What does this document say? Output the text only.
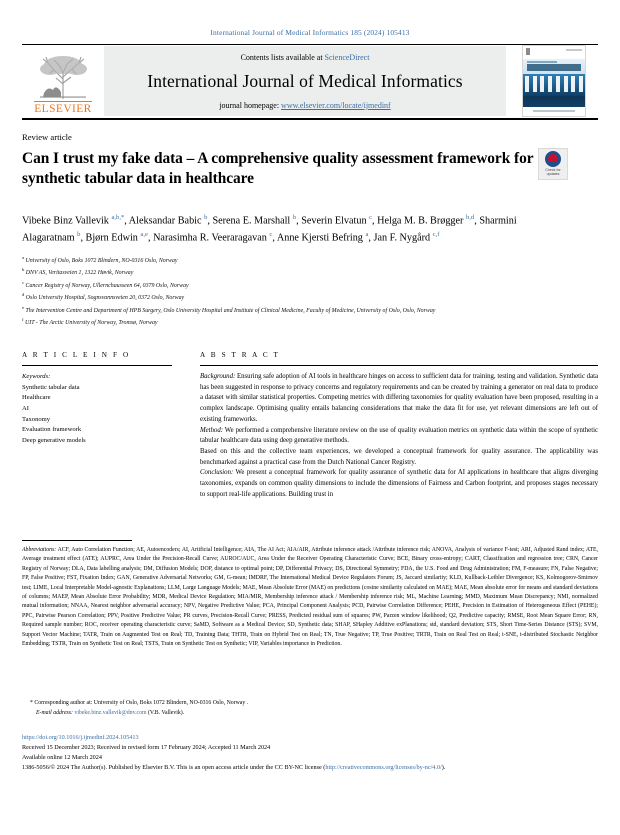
International Journal of Medical Informatics 185 (2024) 105413
ELSEVIER
Contents lists available at ScienceDirect
International Journal of Medical Informatics
journal homepage: www.elsevier.com/locate/ijmedinf
Review article
Can I trust my fake data – A comprehensive quality assessment framework for synthetic tabular data in healthcare
Check for updates
Vibeke Binz Vallevik $^{a,b,*}$, Aleksandar Babic $^b$, Serena E. Marshall $^b$, Severin Elvatun $^c$, Helga M. B. Brøgger $^{b,d}$, Sharmini Alagaratnam $^b$, Bjørn Edwin $^{a,e}$, Narasimha R. Veeraragavan $^c$, Anne Kjersti Befring $^a$, Jan F. Nygård $^{c,f}$
$^a$ University of Oslo, Boks 1072 Blindern, NO-0316 Oslo, Norway
$^b$ DNV AS, Veritasveien 1, 1322 Høvik, Norway
$^c$ Cancer Registry of Norway, Ullernchausseen 64, 0379 Oslo, Norway
$^d$ Oslo University Hospital, Sognsvannsveien 20, 0372 Oslo, Norway
$^e$ The Intervention Centre and Department of HPB Surgery, Oslo University Hospital and Institute of Clinical Medicine, Faculty of Medicine, University of Oslo, Oslo, Norway
$^f$ UIT - The Arctic University of Norway, Tromsø, Norway
A R T I C L E I N F O
Keywords:
Synthetic tabular data
Healthcare
AI
Taxonomy
Evaluation framework
Deep generative models
A B S T R A C T

Background: Ensuring safe adoption of AI tools in healthcare hinges on access to sufficient data for training, testing and validation. Synthetic data has been suggested in response to privacy concerns and regulatory requirements and can be created by training a generator on real data to produce a dataset with similar statistical properties. Competing metrics with differing taxonomies for quality evaluation have been proposed, resulting in a complex landscape. Optimising quality entails balancing considerations that make the data fit for use, yet relevant dimensions are left out of existing frameworks.

Method: We performed a comprehensive literature review on the use of quality evaluation metrics on synthetic data within the scope of synthetic tabular healthcare data using deep generative methods.

Based on this and the collective team experiences, we developed a conceptual framework for quality assurance. The applicability was benchmarked against a practical case from the Dutch National Cancer Registry.

Conclusion: We present a conceptual framework for quality assurance of synthetic data for AI applications in healthcare that aligns diverging taxonomies, expands on common quality dimensions to include the dimensions of Fairness and Carbon footprint, and proposes stages necessary to support real-life applications. Building trust in

Abbreviations: ACF, Auto Correlation Function; AE, Autoencoders; AI, Artificial Intelligence; AIA, The AI Act; AIA/AIR, Attribute inference attack /Attribute inference risk; ANOVA, Analysis of variance F-test; ARI, Adjusted Rand index; ATE, Average treatment effect (ATE); AUPRC, Area Under the Precision-Recall Curve; AUROC/AUC, Area Under the Receiver Operating Characteristic Curve; BCE, Binary cross-entropy; CART, Classification and regression tree; CRN, Cancer Registry of Norway; DLA, Data labelling analysis; DM, Diffusion Models; DOP, distance to optimal point; DP, Differential Privacy; DS, Directional Symmetry; FDA, the U.S. Food and Drug Administration; FM, F-measure; FN, False Negative; FP, False Positive; FST, Fixation Index; GAN, Generative Adversarial Networks; GM, G-mean; IMDRF, The International Medical Device Regulators Forum; JS, Jaccard similarity; KLD, Kullback-Leibler Divergence; KS, Kolmogorov-Smirnov test; LIME, Local Interpretable Model-agnostic Explanations; LLM, Large Language Models; MAE, Mean Absolute Error (MAE) on predictions (cosine similarity calculated on MAE); MAE, Mean absolute error for means and standard deviations of columns; MAEP, Mean Absolute Error Probability; MDR, Medical Device Regulation; MIA/MIR, Membership inference attack / Membership inference risk; ML, Machine Learning; MMD, Maximum Mean Discrepancy; NMI, normalized mutual information; NNAA, Nearest neighbor adversarial accuracy; NPV, Negative Predictive Value; PCA, Principal Component Analysis; PCD, Pairwise Correlation Difference; PEHE, Precision in Estimation of Heterogeneous Effect (PEHE); PPC, Pairwise Pearson Correlation; PPV, Positive Predictive Value; PR curves, Precision-Recall Curve; PRESS, Predicted residual sum of squares; PW, Parzen window likelihood; Q2, Predictive capacity; RMSE, Root Mean Square Error; RN, Required sample number; ROC, receiver operating characteristic curve; SaMD, Software as a Medical Device; SD, Synthetic data; SHAP, SHapley Additive exPlanations; std, standard deviation; STS, Short Time-Series Distance (STS); SVM, Support Vector Machine; TATR, Train on Augmented Test on Real; TD, Training Data; THTR, Train on Hybrid Test on Real; TN, True Negative; TP, True Positive; TRTR, Train on Real Test on Real; t-SNE, t-distributed Stochastic Neighbor Embedding; TSTR, Train on Synthetic Test on Real; TSTS, Train on Synthetic Test on Synthetic; VIP, Variables importance in Prediction.
* Corresponding author at: University of Oslo, Boks 1072 Blindern, NO-0316 Oslo, Norway .
E-mail address: vibeke.binz.vallevik@dnv.com (V.B. Vallevik).
https://doi.org/10.1016/j.ijmedinf.2024.105413
Received 15 December 2023; Received in revised form 17 February 2024; Accepted 11 March 2024
Available online 12 March 2024
1386-5056/© 2024 The Author(s). Published by Elsevier B.V. This is an open access article under the CC BY-NC license (http://creativecommons.org/licenses/by-nc/4.0/).
